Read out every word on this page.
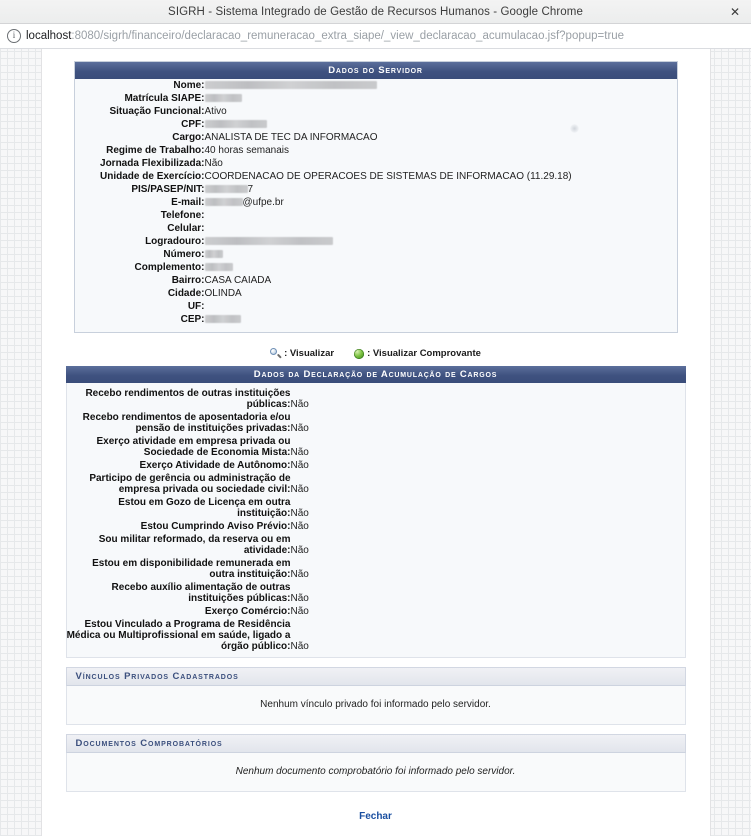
SIGRH - Sistema Integrado de Gestão de Recursos Humanos - Google Chrome	✕
i
localhost:8080/sigrh/financeiro/declaracao_remuneracao_extra_siape/_view_declaracao_acumulacao.jsf?popup=true
Dados do Servidor
Nome:	
Matrícula SIAPE:	
Situação Funcional:	Ativo
CPF:	
Cargo:	ANALISTA DE TEC DA INFORMACAO
Regime de Trabalho:	40 horas semanais
Jornada Flexibilizada:	Não
Unidade de Exercício:	COORDENACAO DE OPERACOES DE SISTEMAS DE INFORMACAO (11.29.18)
PIS/PASEP/NIT:	7
E-mail:	@ufpe.br
Telefone:	
Celular:	
Logradouro:	
Número:	
Complemento:	
Bairro:	CASA CAIADA
Cidade:	OLINDA
UF:	
CEP:	
: Visualizar	: Visualizar Comprovante
Dados da Declaração de Acumulação de Cargos
Recebo rendimentos de outras instituições públicas:	Não
Recebo rendimentos de aposentadoria e/ou pensão de instituições privadas:	Não
Exerço atividade em empresa privada ou Sociedade de Economia Mista:	Não
Exerço Atividade de Autônomo:	Não
Participo de gerência ou administração de empresa privada ou sociedade civil:	Não
Estou em Gozo de Licença em outra instituição:	Não
Estou Cumprindo Aviso Prévio:	Não
Sou militar reformado, da reserva ou em atividade:	Não
Estou em disponibilidade remunerada em outra instituição:	Não
Recebo auxílio alimentação de outras instituições públicas:	Não
Exerço Comércio:	Não
Estou Vinculado a Programa de Residência Médica ou Multiprofissional em saúde, ligado a órgão público:	Não
Vínculos Privados Cadastrados
Nenhum vínculo privado foi informado pelo servidor.
Documentos Comprobatórios
Nenhum documento comprobatório foi informado pelo servidor.
Fechar
